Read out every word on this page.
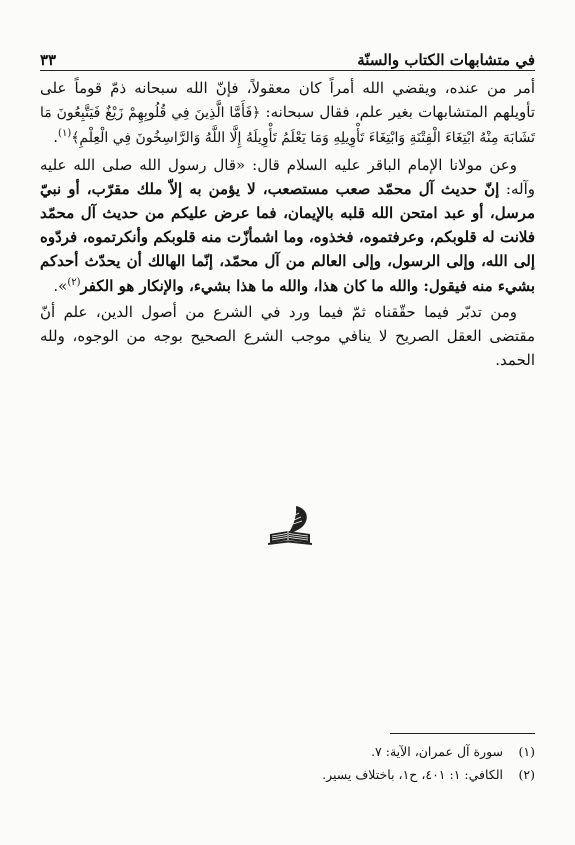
في متشابهات الكتاب والسنّة
٣٣

أمر من عنده، ويقضي الله أمراً كان معقولاً، فإنّ الله سبحانه ذمّ قوماً على تأويلهم المتشابهات بغير علم، فقال سبحانه: ﴿فَأَمَّا الَّذِينَ فِي قُلُوبِهِمْ زَيْغٌ فَيَتَّبِعُونَ مَا تَشَابَهَ مِنْهُ ابْتِغَاءَ الْفِتْنَةِ وَابْتِغَاءَ تَأْوِيلِهِ وَمَا يَعْلَمُ تَأْوِيلَهُ إِلَّا اللَّهُ وَالرَّاسِخُونَ فِي الْعِلْمِ﴾$^{(١)}$.

وعن مولانا الإمام الباقر عليه السلام قال: «قال رسول الله صلى الله عليه وآله: إنّ حديث آل محمّد صعب مستصعب، لا يؤمن به إلاّ ملك مقرّب، أو نبيّ مرسل، أو عبد امتحن الله قلبه بالإيمان، فما عرض عليكم من حديث آل محمّد فلانت له قلوبكم، وعرفتموه، فخذوه، وما اشمأزّت منه قلوبكم وأنكرتموه، فردّوه إلى الله، وإلى الرسول، وإلى العالم من آل محمّد، إنّما الهالك أن يحدّث أحدكم بشيء منه فيقول: والله ما كان هذا، والله ما هذا بشيء، والإنكار هو الكفر$^{(٢)}$».

ومن تدبّر فيما حقّقناه ثمّ فيما ورد في الشرع من أصول الدين، علم أنّ مقتضى العقل الصريح لا ينافي موجب الشرع الصحيح بوجه من الوجوه، ولله الحمد.

(١)
سورة آل عمران، الآية: ٧.
(٢)
الكافي: ١: ٤٠١، ح١، باختلاف يسير.
